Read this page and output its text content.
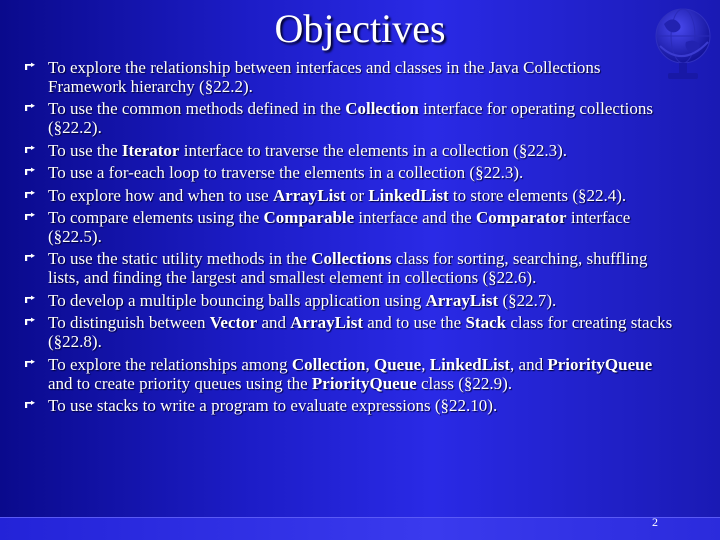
Objectives
To explore the relationship between interfaces and classes in the Java Collections Framework hierarchy (§22.2).
To use the common methods defined in the Collection interface for operating collections (§22.2).
To use the Iterator interface to traverse the elements in a collection (§22.3).
To use a for-each loop to traverse the elements in a collection (§22.3).
To explore how and when to use ArrayList or LinkedList to store elements (§22.4).
To compare elements using the Comparable interface and the Comparator interface (§22.5).
To use the static utility methods in the Collections class for sorting, searching, shuffling lists, and finding the largest and smallest element in collections (§22.6).
To develop a multiple bouncing balls application using ArrayList (§22.7).
To distinguish between Vector and ArrayList and to use the Stack class for creating stacks (§22.8).
To explore the relationships among Collection, Queue, LinkedList, and PriorityQueue and to create priority queues using the PriorityQueue class (§22.9).
To use stacks to write a program to evaluate expressions (§22.10).
2
